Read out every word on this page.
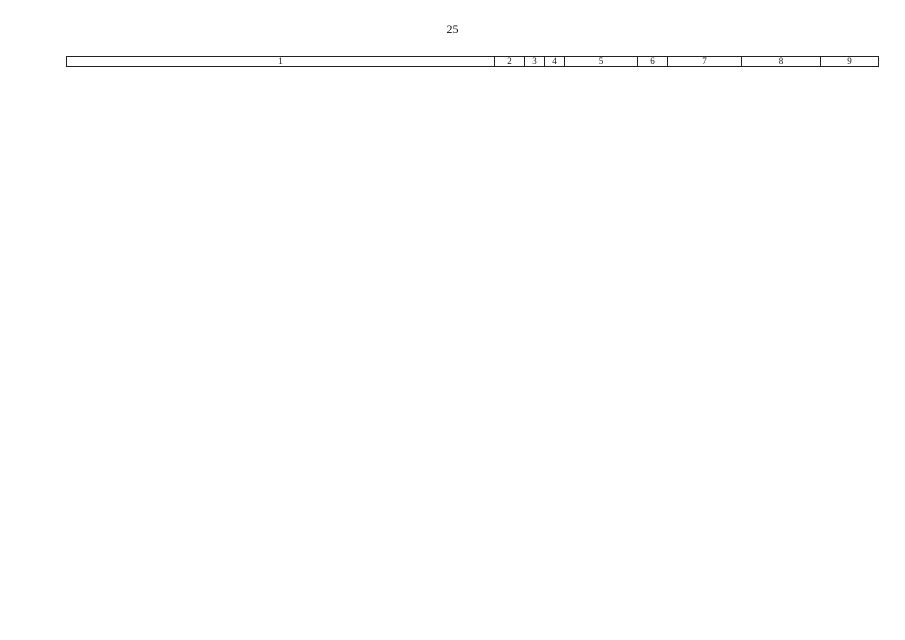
25
1	2	3	4	5	6	7	8	9
